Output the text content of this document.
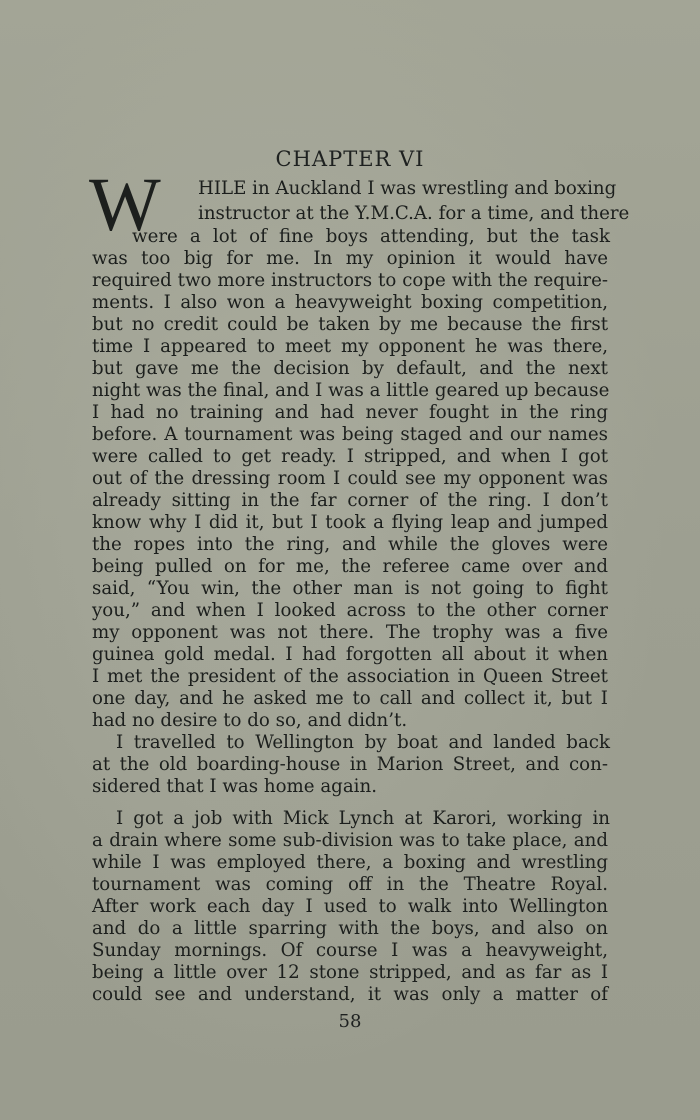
CHAPTER VI
W HILE in Auckland I was wrestling and boxing
instructor at the Y.M.C.A. for a time, and there
were a lot of fine boys attending, but the task
was too big for me. In my opinion it would have
required two more instructors to cope with the require-
ments. I also won a heavyweight boxing competition,
but no credit could be taken by me because the first
time I appeared to meet my opponent he was there,
but gave me the decision by default, and the next
night was the final, and I was a little geared up because
I had no training and had never fought in the ring
before. A tournament was being staged and our names
were called to get ready. I stripped, and when I got
out of the dressing room I could see my opponent was
already sitting in the far corner of the ring. I don’t
know why I did it, but I took a flying leap and jumped
the ropes into the ring, and while the gloves were
being pulled on for me, the referee came over and
said, “You win, the other man is not going to fight
you,” and when I looked across to the other corner
my opponent was not there. The trophy was a five
guinea gold medal. I had forgotten all about it when
I met the president of the association in Queen Street
one day, and he asked me to call and collect it, but I
had no desire to do so, and didn’t.
I travelled to Wellington by boat and landed back
at the old boarding-house in Marion Street, and con-
sidered that I was home again.
I got a job with Mick Lynch at Karori, working in
a drain where some sub-division was to take place, and
while I was employed there, a boxing and wrestling
tournament was coming off in the Theatre Royal.
After work each day I used to walk into Wellington
and do a little sparring with the boys, and also on
Sunday mornings. Of course I was a heavyweight,
being a little over 12 stone stripped, and as far as I
could see and understand, it was only a matter of
58
